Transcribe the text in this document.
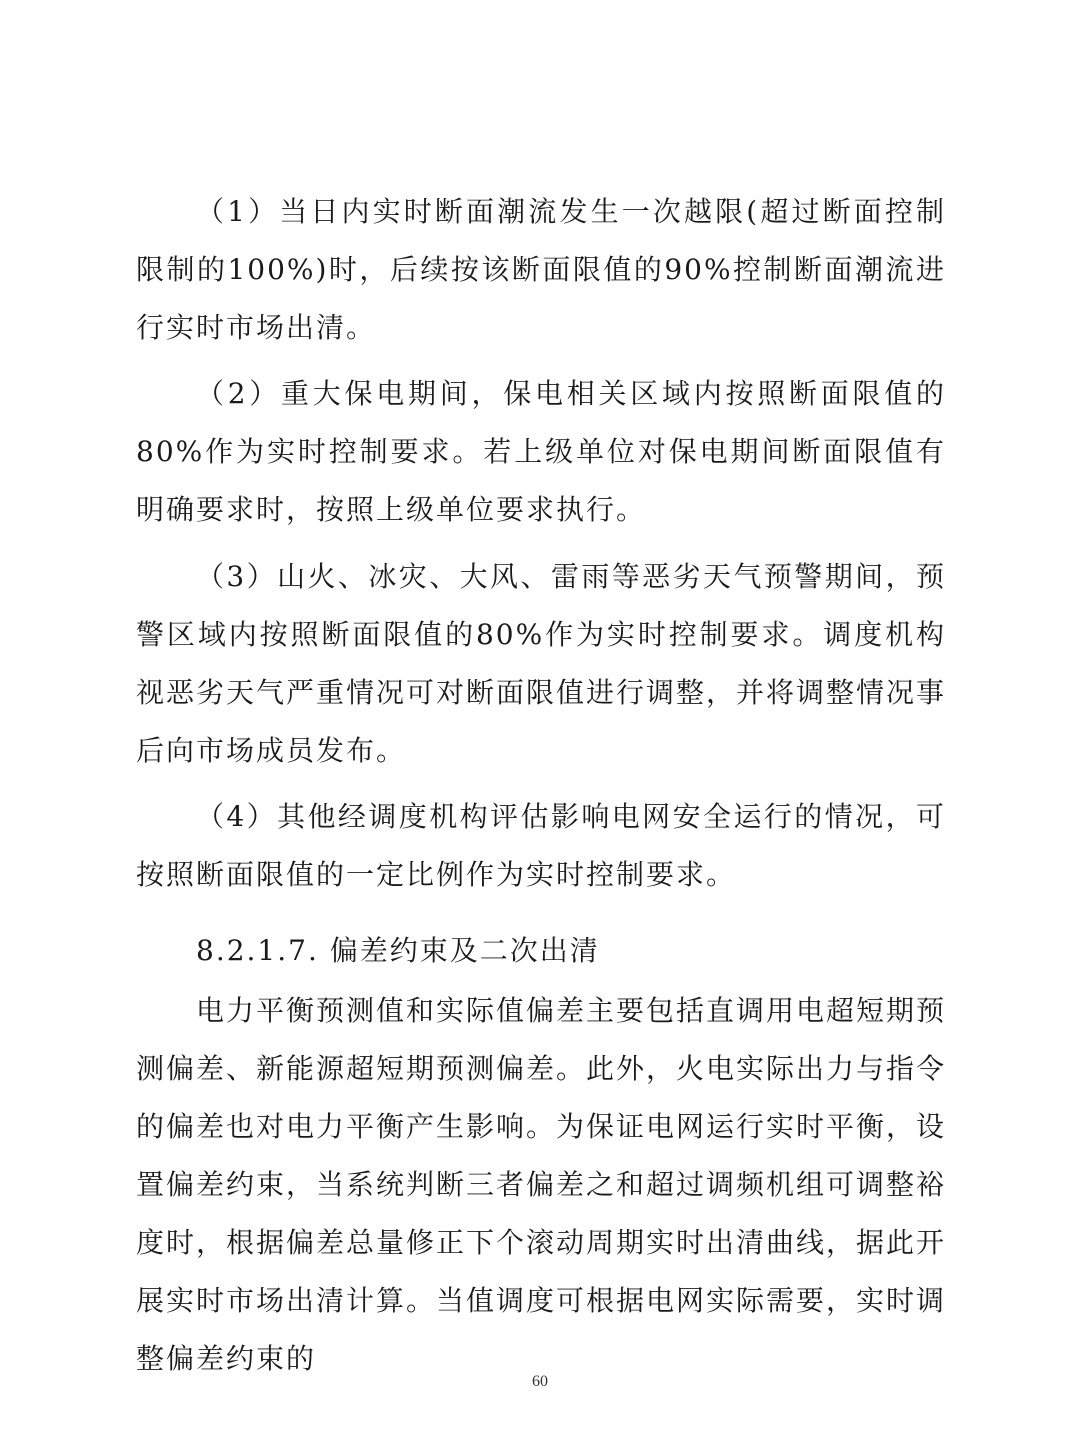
（1）当日内实时断面潮流发生一次越限(超过断面控制限制的100%)时，后续按该断面限值的90%控制断面潮流进行实时市场出清。

（2）重大保电期间，保电相关区域内按照断面限值的80%作为实时控制要求。若上级单位对保电期间断面限值有明确要求时，按照上级单位要求执行。

（3）山火、冰灾、大风、雷雨等恶劣天气预警期间，预警区域内按照断面限值的80%作为实时控制要求。调度机构视恶劣天气严重情况可对断面限值进行调整，并将调整情况事后向市场成员发布。

（4）其他经调度机构评估影响电网安全运行的情况，可按照断面限值的一定比例作为实时控制要求。

8.2.1.7. 偏差约束及二次出清

电力平衡预测值和实际值偏差主要包括直调用电超短期预测偏差、新能源超短期预测偏差。此外，火电实际出力与指令的偏差也对电力平衡产生影响。为保证电网运行实时平衡，设置偏差约束，当系统判断三者偏差之和超过调频机组可调整裕度时，根据偏差总量修正下个滚动周期实时出清曲线，据此开展实时市场出清计算。当值调度可根据电网实际需要，实时调整偏差约束的

60
